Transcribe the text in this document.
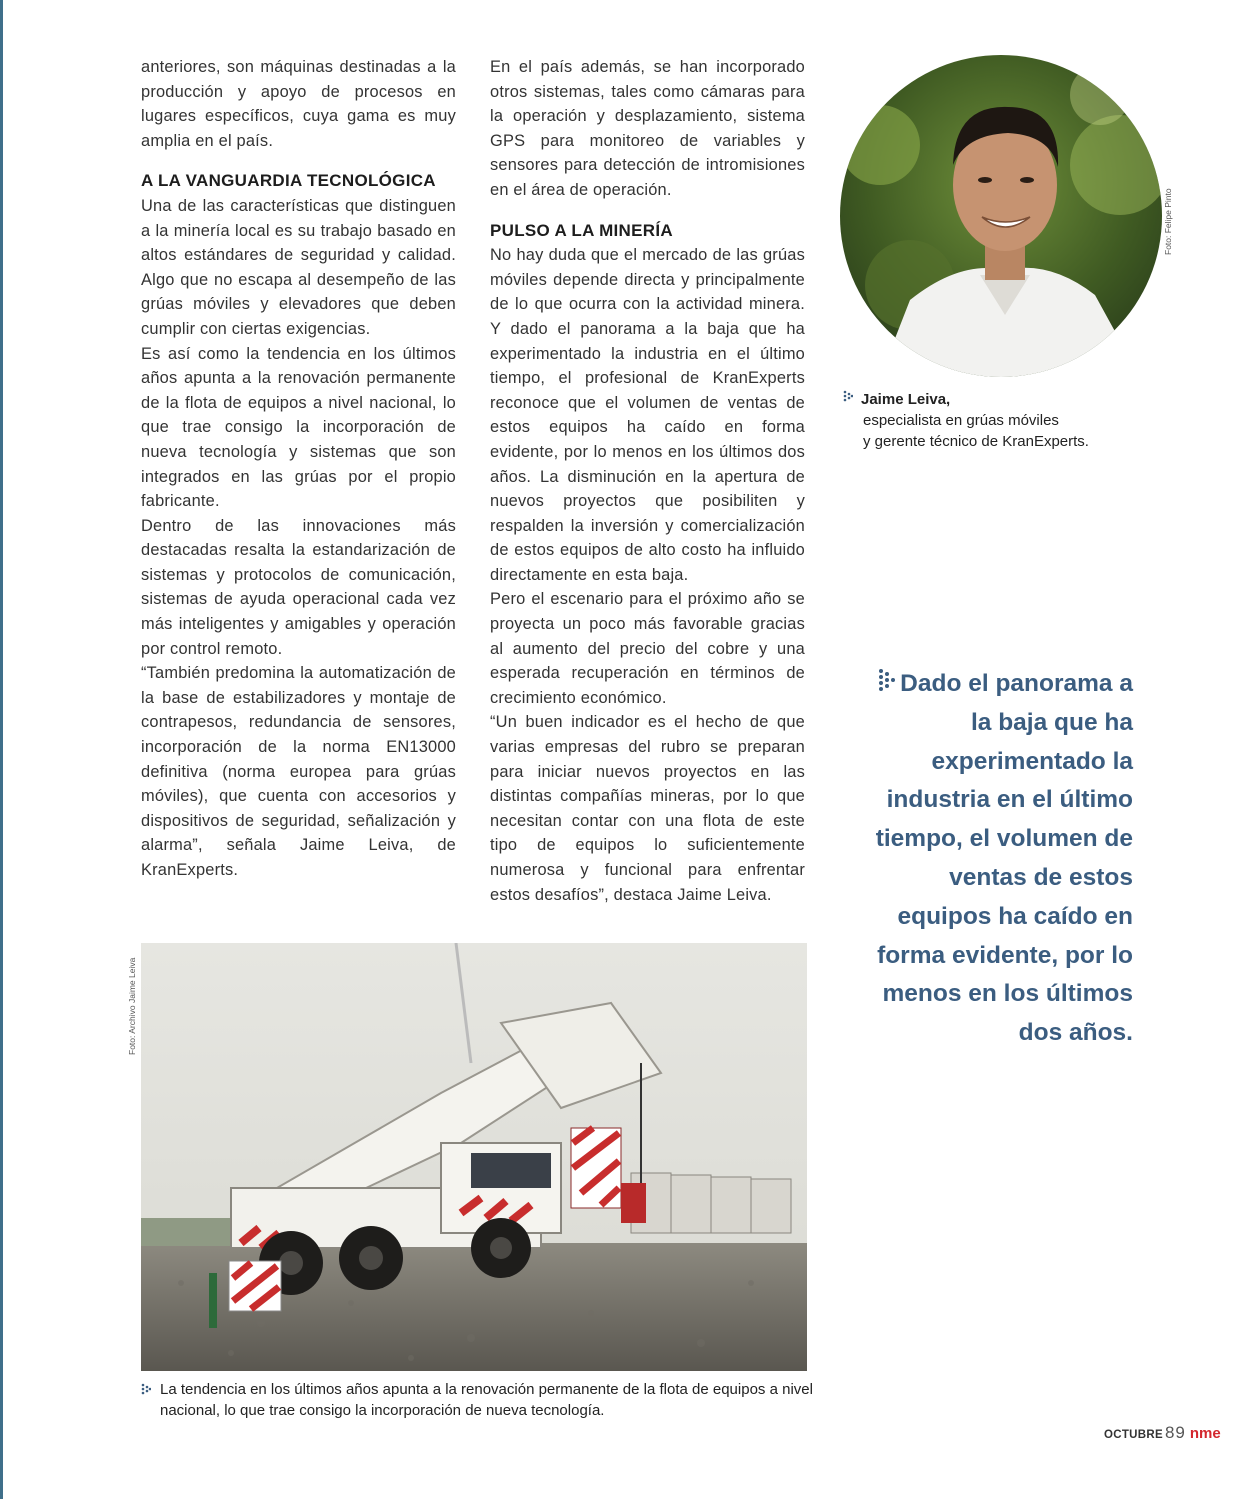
anteriores, son máquinas destinadas a la producción y apoyo de procesos en lugares específicos, cuya gama es muy amplia en el país.

A LA VANGUARDIA TECNOLÓGICA

Una de las características que distinguen a la minería local es su trabajo basado en altos estándares de seguridad y calidad. Algo que no escapa al desempeño de las grúas móviles y elevadores que deben cumplir con ciertas exigencias.

Es así como la tendencia en los últimos años apunta a la renovación permanente de la flota de equipos a nivel nacional, lo que trae consigo la incorporación de nueva tecnología y sistemas que son integrados en las grúas por el propio fabricante.

Dentro de las innovaciones más destacadas resalta la estandarización de sistemas y protocolos de comunicación, sistemas de ayuda operacional cada vez más inteligentes y amigables y operación por control remoto.

“También predomina la automatización de la base de estabilizadores y montaje de contrapesos, redundancia de sensores, incorporación de la norma EN13000 definitiva (norma europea para grúas móviles), que cuenta con accesorios y dispositivos de seguridad, señalización y alarma”, señala Jaime Leiva, de KranExperts.

En el país además, se han incorporado otros sistemas, tales como cámaras para la operación y desplazamiento, sistema GPS para monitoreo de variables y sensores para detección de intromisiones en el área de operación.

PULSO A LA MINERÍA

No hay duda que el mercado de las grúas móviles depende directa y principalmente de lo que ocurra con la actividad minera. Y dado el panorama a la baja que ha experimentado la industria en el último tiempo, el profesional de KranExperts reconoce que el volumen de ventas de estos equipos ha caído en forma evidente, por lo menos en los últimos dos años. La disminución en la apertura de nuevos proyectos que posibiliten y respalden la inversión y comercialización de estos equipos de alto costo ha influido directamente en esta baja.

Pero el escenario para el próximo año se proyecta un poco más favorable gracias al aumento del precio del cobre y una esperada recuperación en términos de crecimiento económico.

“Un buen indicador es el hecho de que varias empresas del rubro se preparan para iniciar nuevos proyectos en las distintas compañías mineras, por lo que necesitan contar con una flota de este tipo de equipos lo suficientemente numerosa y funcional para enfrentar estos desafíos”, destaca Jaime Leiva.

Foto: Felipe Pinto
Jaime Leiva,
especialista en grúas móviles
y gerente técnico de KranExperts.
Dado el panorama a la baja que ha experimentado la industria en el último tiempo, el volumen de ventas de estos equipos ha caído en forma evidente, por lo menos en los últimos dos años.
Foto: Archivo Jaime Leiva
La tendencia en los últimos años apunta a la renovación permanente de la flota de equipos a nivel nacional, lo que trae consigo la incorporación de nueva tecnología.
OCTUBRE 89 nme
